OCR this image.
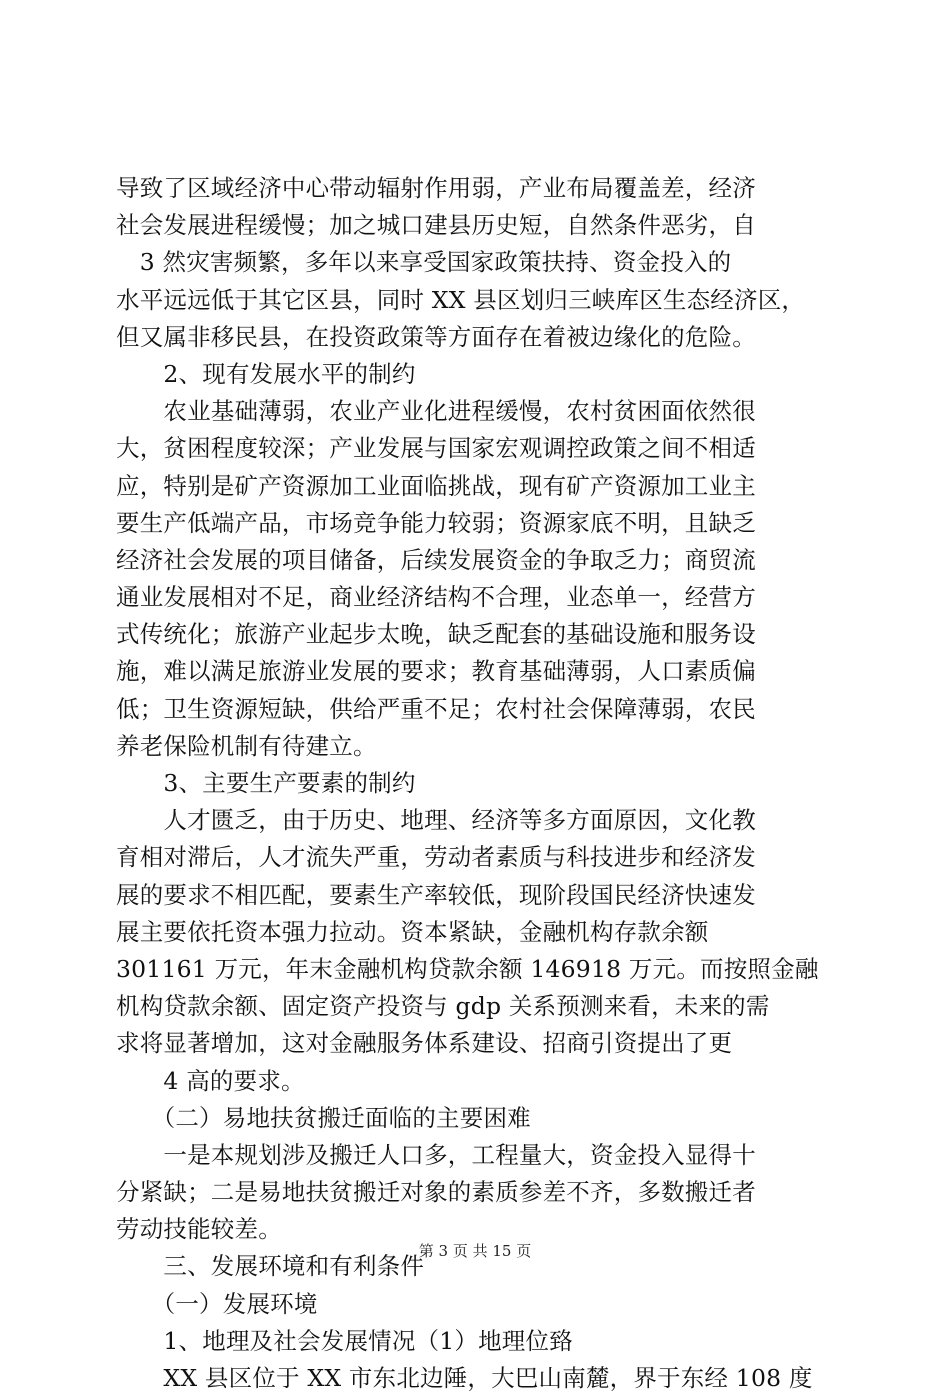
导致了区域经济中心带动辐射作用弱，产业布局覆盖差，经济
社会发展进程缓慢；加之城口建县历史短，自然条件恶劣，自
　3 然灾害频繁，多年以来享受国家政策扶持、资金投入的
水平远远低于其它区县，同时 XX 县区划归三峡库区生态经济区，
但又属非移民县，在投资政策等方面存在着被边缘化的危险。
　　2、现有发展水平的制约
　　农业基础薄弱，农业产业化进程缓慢，农村贫困面依然很
大，贫困程度较深；产业发展与国家宏观调控政策之间不相适
应，特别是矿产资源加工业面临挑战，现有矿产资源加工业主
要生产低端产品，市场竞争能力较弱；资源家底不明，且缺乏
经济社会发展的项目储备，后续发展资金的争取乏力；商贸流
通业发展相对不足，商业经济结构不合理，业态单一，经营方
式传统化；旅游产业起步太晚，缺乏配套的基础设施和服务设
施，难以满足旅游业发展的要求；教育基础薄弱，人口素质偏
低；卫生资源短缺，供给严重不足；农村社会保障薄弱，农民
养老保险机制有待建立。
　　3、主要生产要素的制约
　　人才匮乏，由于历史、地理、经济等多方面原因，文化教
育相对滞后，人才流失严重，劳动者素质与科技进步和经济发
展的要求不相匹配，要素生产率较低，现阶段国民经济快速发
展主要依托资本强力拉动。资本紧缺，金融机构存款余额
301161 万元，年末金融机构贷款余额 146918 万元。而按照金融
机构贷款余额、固定资产投资与 gdp 关系预测来看，未来的需
求将显著增加，这对金融服务体系建设、招商引资提出了更
　　4 高的要求。
　　（二）易地扶贫搬迁面临的主要困难
　　一是本规划涉及搬迁人口多，工程量大，资金投入显得十
分紧缺；二是易地扶贫搬迁对象的素质参差不齐，多数搬迁者
劳动技能较差。
　　三、发展环境和有利条件
　　（一）发展环境
　　1、地理及社会发展情况（1）地理位臵
　　XX 县区位于 XX 市东北边陲，大巴山南麓，界于东经 108 度
第 3 页 共 15 页
